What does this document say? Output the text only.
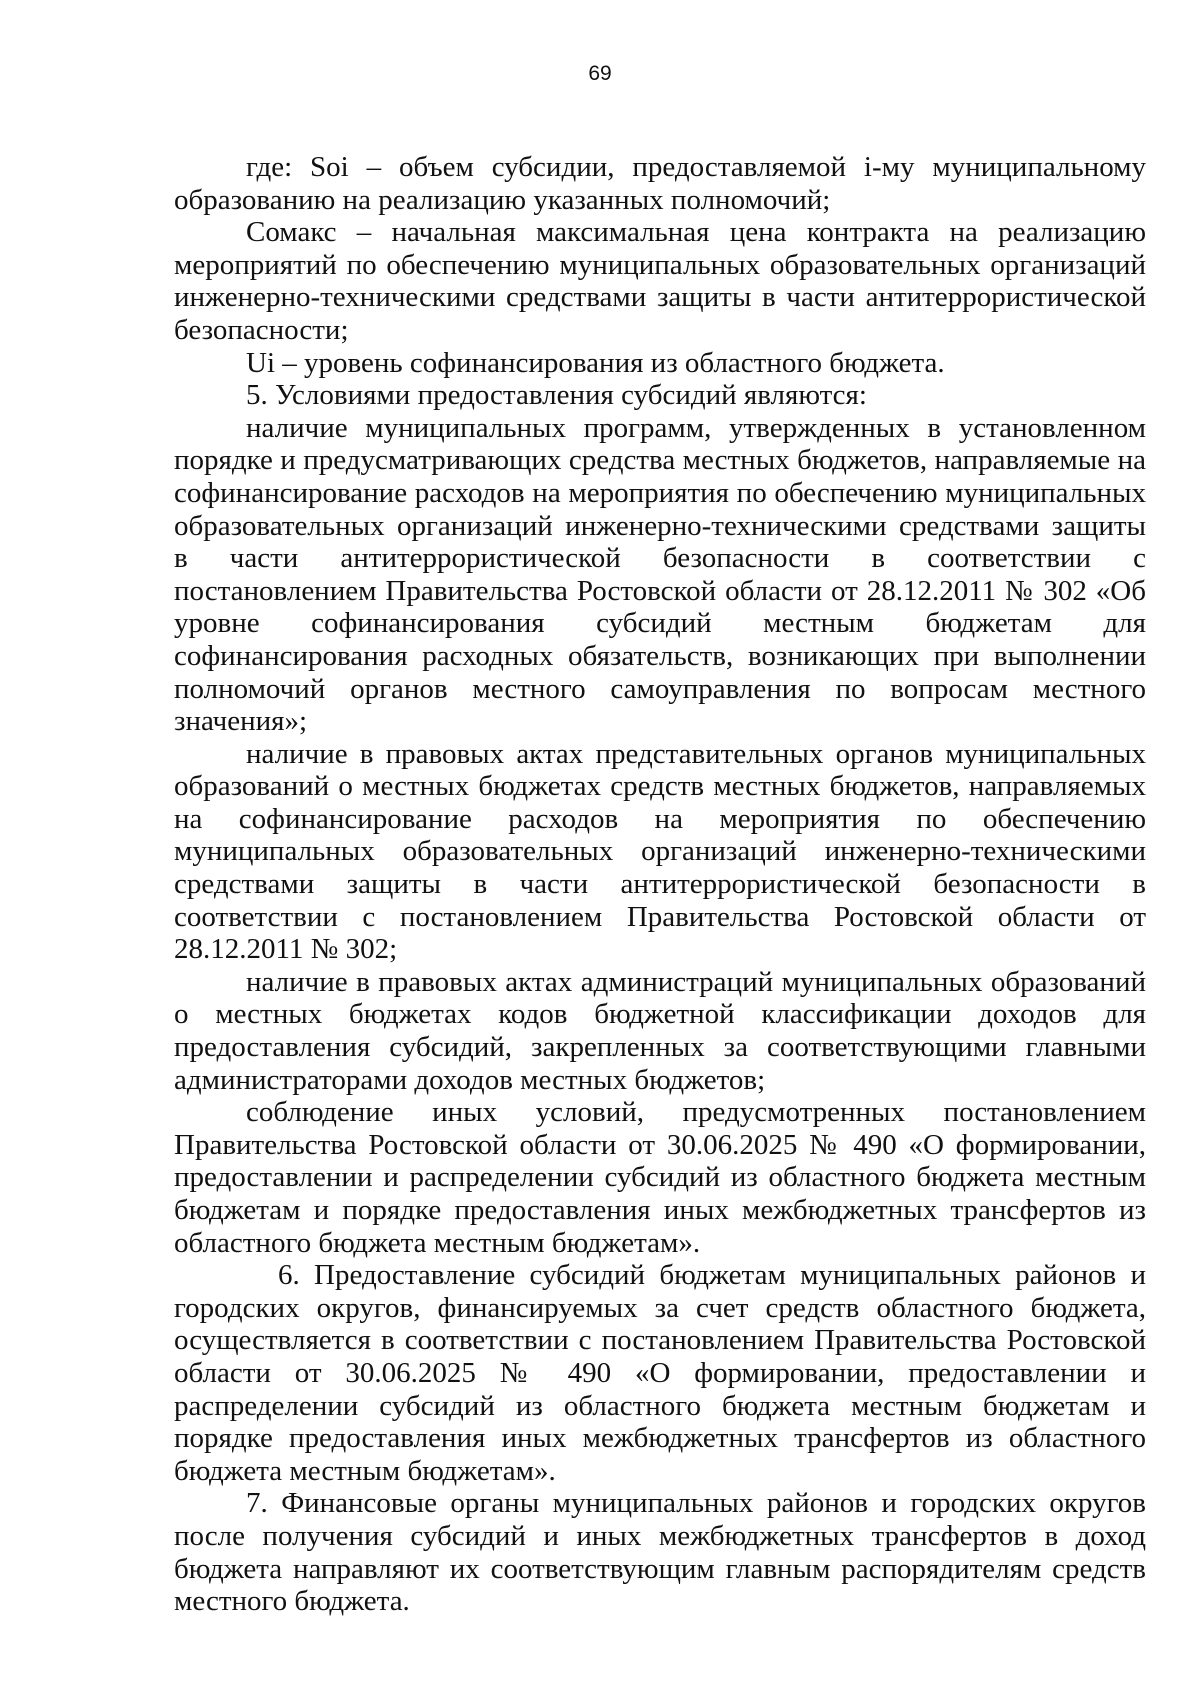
69

где: Soi – объем субсидии, предоставляемой i-му муниципальному образованию на реализацию указанных полномочий;

Сомакс – начальная максимальная цена контракта на реализацию мероприятий по обеспечению муниципальных образовательных организаций инженерно-техническими средствами защиты в части антитеррористической безопасности;

Ui – уровень софинансирования из областного бюджета.

5. Условиями предоставления субсидий являются:

наличие муниципальных программ, утвержденных в установленном порядке и предусматривающих средства местных бюджетов, направляемые на софинансирование расходов на мероприятия по обеспечению муниципальных образовательных организаций инженерно-техническими средствами защиты в части антитеррористической безопасности в соответствии с постановлением Правительства Ростовской области от 28.12.2011 № 302 «Об уровне софинансирования субсидий местным бюджетам для софинансирования расходных обязательств, возникающих при выполнении полномочий органов местного самоуправления по вопросам местного значения»;

наличие в правовых актах представительных органов муниципальных образований о местных бюджетах средств местных бюджетов, направляемых на софинансирование расходов на мероприятия по обеспечению муниципальных образовательных организаций инженерно-техническими средствами защиты в части антитеррористической безопасности в соответствии с постановлением Правительства Ростовской области от 28.12.2011 № 302;

наличие в правовых актах администраций муниципальных образований о местных бюджетах кодов бюджетной классификации доходов для предоставления субсидий, закрепленных за соответствующими главными администраторами доходов местных бюджетов;

соблюдение иных условий, предусмотренных постановлением Правительства Ростовской области от 30.06.2025 № 490 «О формировании, предоставлении и распределении субсидий из областного бюджета местным бюджетам и порядке предоставления иных межбюджетных трансфертов из областного бюджета местным бюджетам».

6. Предоставление субсидий бюджетам муниципальных районов и городских округов, финансируемых за счет средств областного бюджета, осуществляется в соответствии с постановлением Правительства Ростовской области от 30.06.2025 № 490 «О формировании, предоставлении и распределении субсидий из областного бюджета местным бюджетам и порядке предоставления иных межбюджетных трансфертов из областного бюджета местным бюджетам».

7. Финансовые органы муниципальных районов и городских округов после получения субсидий и иных межбюджетных трансфертов в доход бюджета направляют их соответствующим главным распорядителям средств местного бюджета.
